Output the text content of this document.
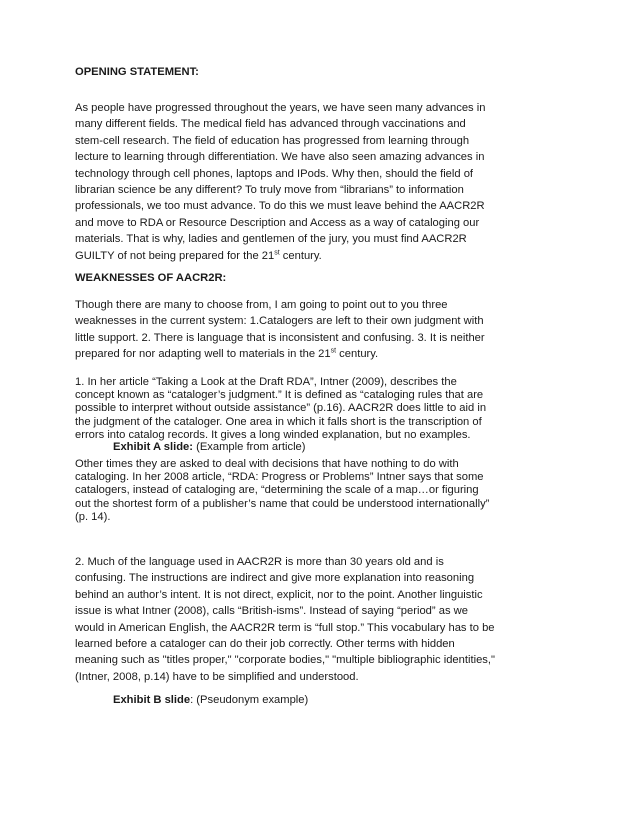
OPENING STATEMENT:

As people have progressed throughout the years, we have seen many advances in many different fields. The medical field has advanced through vaccinations and stem-cell research. The field of education has progressed from learning through lecture to learning through differentiation. We have also seen amazing advances in technology through cell phones, laptops and IPods. Why then, should the field of librarian science be any different? To truly move from “librarians” to information professionals, we too must advance. To do this we must leave behind the AACR2R and move to RDA or Resource Description and Access as a way of cataloging our materials. That is why, ladies and gentlemen of the jury, you must find AACR2R GUILTY of not being prepared for the 21st century.

WEAKNESSES OF AACR2R:

Though there are many to choose from, I am going to point out to you three weaknesses in the current system: 1.Catalogers are left to their own judgment with little support. 2. There is language that is inconsistent and confusing. 3. It is neither prepared for nor adapting well to materials in the 21st century.

1. In her article “Taking a Look at the Draft RDA”, Intner (2009), describes the concept known as “cataloger’s judgment.” It is defined as “cataloging rules that are possible to interpret without outside assistance” (p.16). AACR2R does little to aid in the judgment of the cataloger. One area in which it falls short is the transcription of errors into catalog records. It gives a long winded explanation, but no examples.

Exhibit A slide: (Example from article)

Other times they are asked to deal with decisions that have nothing to do with cataloging. In her 2008 article, “RDA: Progress or Problems” Intner says that some catalogers, instead of cataloging are, “determining the scale of a map…or figuring out the shortest form of a publisher’s name that could be understood internationally” (p. 14).

2. Much of the language used in AACR2R is more than 30 years old and is confusing. The instructions are indirect and give more explanation into reasoning behind an author’s intent. It is not direct, explicit, nor to the point. Another linguistic issue is what Intner (2008), calls “British-isms”. Instead of saying “period” as we would in American English, the AACR2R term is “full stop.” This vocabulary has to be learned before a cataloger can do their job correctly. Other terms with hidden meaning such as "titles proper," "corporate bodies," "multiple bibliographic identities," (Intner, 2008, p.14) have to be simplified and understood.

Exhibit B slide: (Pseudonym example)
